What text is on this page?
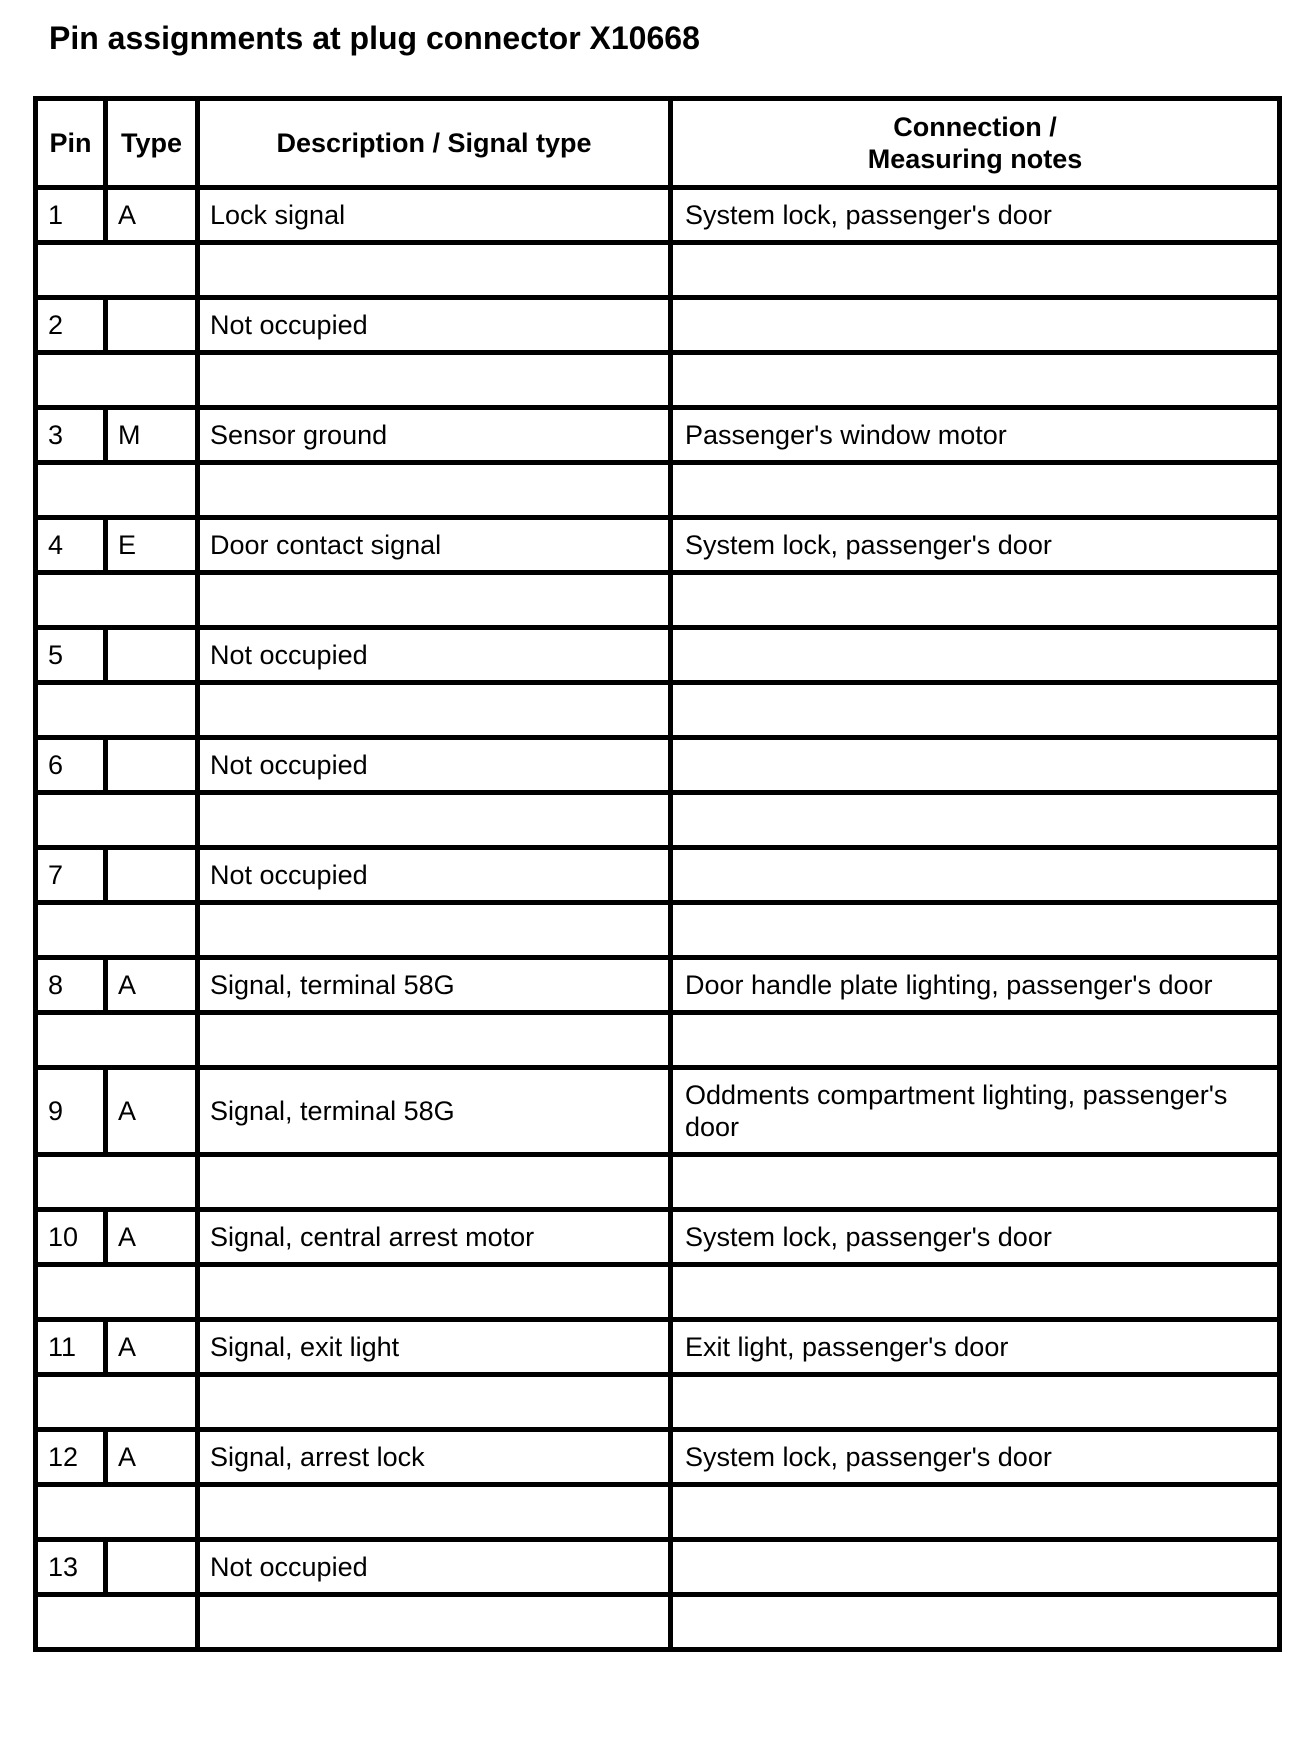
Pin assignments at plug connector X10668
Pin	Type	Description / Signal type	Connection /
Measuring notes
1	A	Lock signal	System lock, passenger's door

2		Not occupied	

3	M	Sensor ground	Passenger's window motor

4	E	Door contact signal	System lock, passenger's door

5		Not occupied	

6		Not occupied	

7		Not occupied	

8	A	Signal, terminal 58G	Door handle plate lighting, passenger's door

9	A	Signal, terminal 58G	Oddments compartment lighting, passenger's door

10	A	Signal, central arrest motor	System lock, passenger's door

11	A	Signal, exit light	Exit light, passenger's door

12	A	Signal, arrest lock	System lock, passenger's door

13		Not occupied	
